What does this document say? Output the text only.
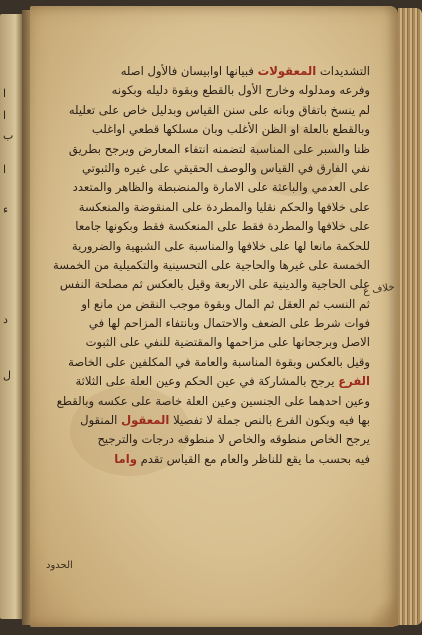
ا
ا
ب
ا
ء
د
ل
التشديدات المعقولات فبيانها اوابيسان فالأول اصله
وفرعه ومدلوله وخارج الأول بالقطع وبقوة دليله وبكونه
لم ينسخ باتفاق وبانه على سنن القياس وبدليل خاص على تعليله
وبالقطع بالعلة او الظن الأغلب وبان مسلكها قطعي اواغلب
ظنا والسبر على المناسبة لتضمنه انتفاء المعارض ويرجح بطريق
نفي الفارق في القياس والوصف الحقيقي على غيره والثبوتي
على العدمي والباعثة على الامارة والمنضبطة والظاهر والمتعدد
على خلافها والحكم نقليا والمطردة على المنقوضة والمنعكسة
على خلافها والمطردة فقط على المنعكسة فقط وبكونها جامعا
للحكمة مانعا لها على خلافها والمناسبة على الشبهية والضرورية
الخمسة على غيرها والحاجية على التحسينية والتكميلية من الخمسة
على الحاجية والدينية على الاربعة وقيل بالعكس ثم مصلحة النفس
ثم النسب ثم العقل ثم المال وبقوة موجب النقض من مانع او
فوات شرط على الضعف والاحتمال وبانتفاء المزاحم لها في
الاصل وبرجحانها على مزاحمها والمقتضية للنفي على الثبوت
وقيل بالعكس وبقوة المناسبة والعامة في المكلفين على الخاصة
الفرع يرجح بالمشاركة في عين الحكم وعين العلة على الثلاثة
وعين احدهما على الجنسين وعين العلة خاصة على عكسه وبالقطع
بها فيه وبكون الفرع بالنص جملة لا تفصيلا المعقول المنقول
يرجح الخاص منطوقه والخاص لا منطوقه درجات والترجيح
فيه بحسب ما يقع للناظر والعام مع القياس تقدم واما
خلاف ع
الحدود
